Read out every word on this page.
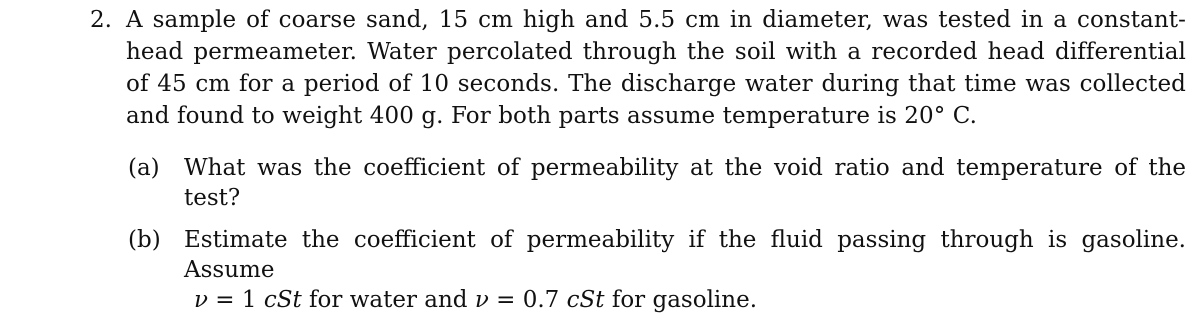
2. A sample of coarse sand, 15 cm high and 5.5 cm in diameter, was tested in a constant-head permeameter. Water percolated through the soil with a recorded head differential of 45 cm for a period of 10 seconds. The discharge water during that time was collected and found to weight 400 g. For both parts assume temperature is 20° C.
(a) What was the coefficient of permeability at the void ratio and temperature of the test?
(b) Estimate the coefficient of permeability if the fluid passing through is gasoline. Assume
ν = 1 cSt for water and ν = 0.7 cSt for gasoline.
